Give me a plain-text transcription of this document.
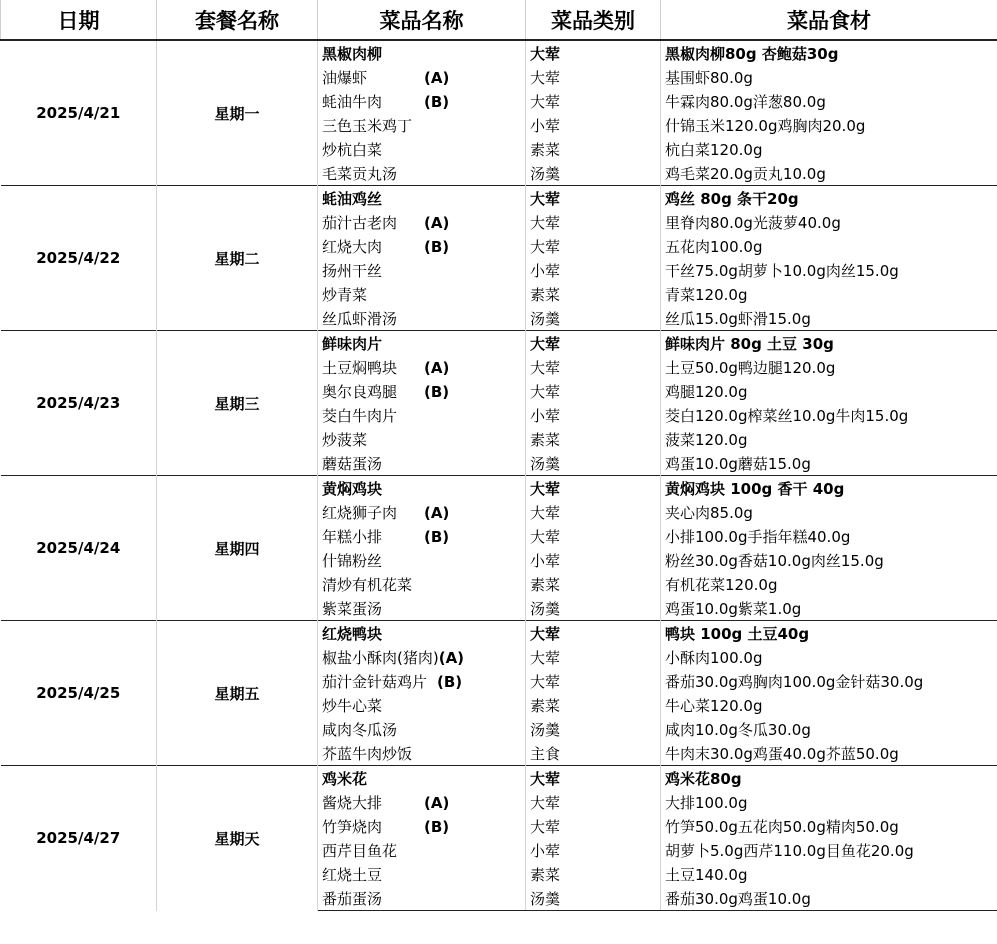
日期	套餐名称	菜品名称	菜品类别	菜品食材
2025/4/21	星期一	黑椒肉柳	大荤	黑椒肉柳80g 杏鲍菇30g
		油爆虾 (A)	大荤	基围虾80.0g
		蚝油牛肉 (B)	大荤	牛霖肉80.0g洋葱80.0g
		三色玉米鸡丁	小荤	什锦玉米120.0g鸡胸肉20.0g
		炒杭白菜	素菜	杭白菜120.0g
		毛菜贡丸汤	汤羹	鸡毛菜20.0g贡丸10.0g
2025/4/22	星期二	蚝油鸡丝	大荤	鸡丝 80g 条干20g
		茄汁古老肉 (A)	大荤	里脊肉80.0g光菠萝40.0g
		红烧大肉 (B)	大荤	五花肉100.0g
		扬州干丝	小荤	干丝75.0g胡萝卜10.0g肉丝15.0g
		炒青菜	素菜	青菜120.0g
		丝瓜虾滑汤	汤羹	丝瓜15.0g虾滑15.0g
2025/4/23	星期三	鲜味肉片	大荤	鲜味肉片 80g 土豆 30g
		土豆焖鸭块 (A)	大荤	土豆50.0g鸭边腿120.0g
		奥尔良鸡腿 (B)	大荤	鸡腿120.0g
		茭白牛肉片	小荤	茭白120.0g榨菜丝10.0g牛肉15.0g
		炒菠菜	素菜	菠菜120.0g
		蘑菇蛋汤	汤羹	鸡蛋10.0g蘑菇15.0g
2025/4/24	星期四	黄焖鸡块	大荤	黄焖鸡块 100g 香干 40g
		红烧狮子肉 (A)	大荤	夹心肉85.0g
		年糕小排 (B)	大荤	小排100.0g手指年糕40.0g
		什锦粉丝	小荤	粉丝30.0g香菇10.0g肉丝15.0g
		清炒有机花菜	素菜	有机花菜120.0g
		紫菜蛋汤	汤羹	鸡蛋10.0g紫菜1.0g
2025/4/25	星期五	红烧鸭块	大荤	鸭块 100g 土豆40g
		椒盐小酥肉(猪肉)(A)	大荤	小酥肉100.0g
		茄汁金针菇鸡片 (B)	大荤	番茄30.0g鸡胸肉100.0g金针菇30.0g
		炒牛心菜	素菜	牛心菜120.0g
		咸肉冬瓜汤	汤羹	咸肉10.0g冬瓜30.0g
		芥蓝牛肉炒饭	主食	牛肉末30.0g鸡蛋40.0g芥蓝50.0g
2025/4/27	星期天	鸡米花	大荤	鸡米花80g
		酱烧大排 (A)	大荤	大排100.0g
		竹笋烧肉 (B)	大荤	竹笋50.0g五花肉50.0g精肉50.0g
		西芹目鱼花	小荤	胡萝卜5.0g西芹110.0g目鱼花20.0g
		红烧土豆	素菜	土豆140.0g
		番茄蛋汤	汤羹	番茄30.0g鸡蛋10.0g
